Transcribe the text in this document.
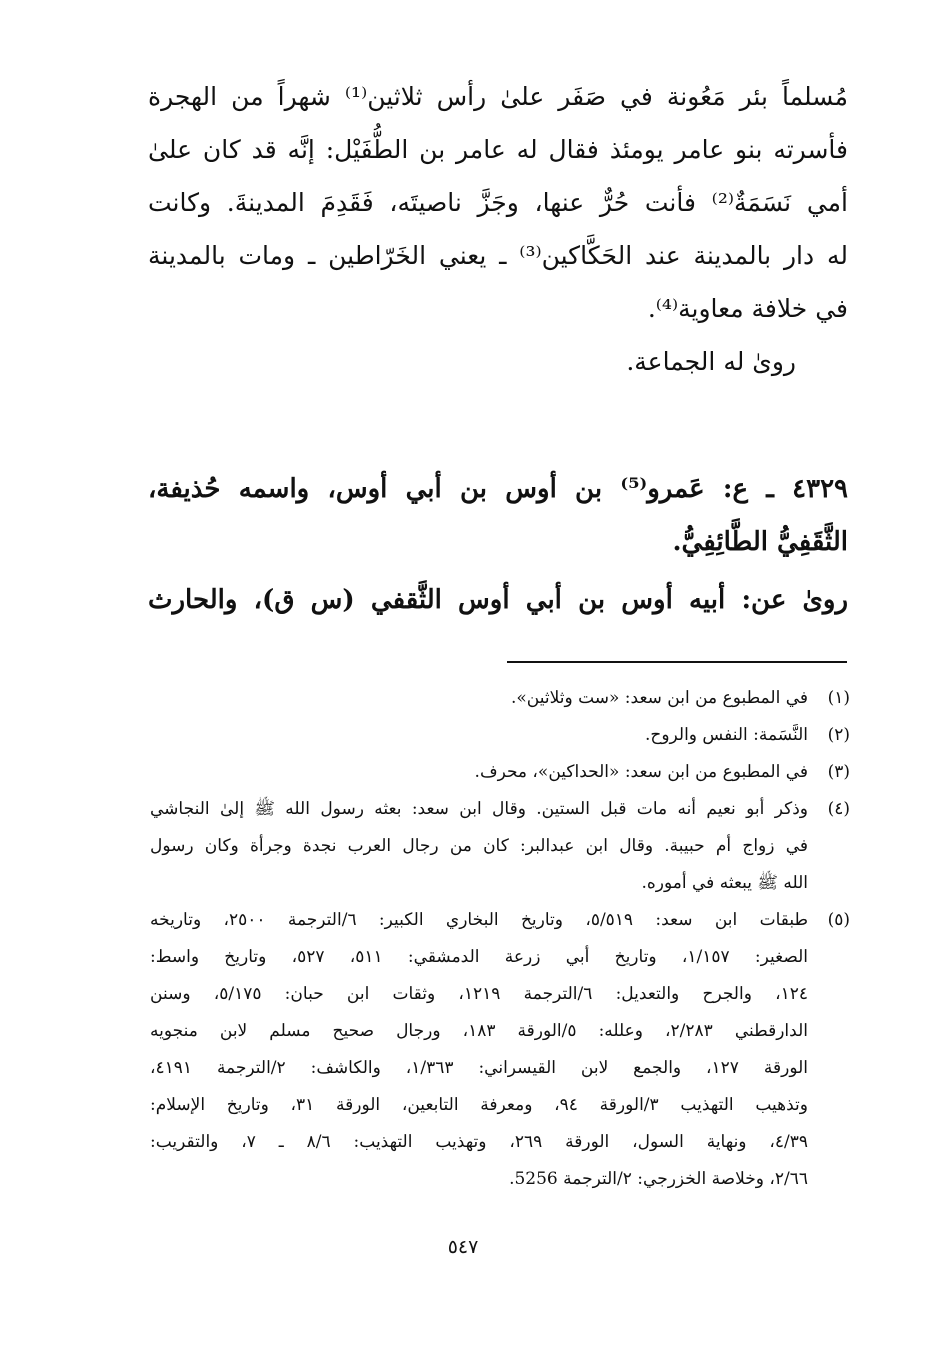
مُسلماً بئر مَعُونة في صَفَر علىٰ رأس ثلاثين⁽¹⁾ شهراً من الهجرة
فأسرته بنو عامر يومئذ فقال له عامر بن الطُّفَيْل: إنَّه قد كان علىٰ
أمي نَسَمَةٌ⁽²⁾ فأنت حُرٌّ عنها، وجَزَّ ناصيتَه، فَقَدِمَ المدينةَ. وكانت
له دار بالمدينة عند الحَكَّاكين⁽³⁾ ـ يعني الخَرّاطين ـ ومات بالمدينة
في خلافة معاوية⁽⁴⁾.
روىٰ له الجماعة.
٤٣٢٩ ـ ع: عَمرو⁽⁵⁾ بن أوس بن أبي أوس، واسمه حُذيفة،
الثَّقَفِيُّ الطَّائِفِيُّ.
روىٰ عن: أبيه أوس بن أبي أوس الثَّقفي (س ق)، والحارث
(١)
في المطبوع من ابن سعد: «ست وثلاثين».
(٢)
النَّسَمة: النفس والروح.
(٣)
في المطبوع من ابن سعد: «الحداكين»، محرف.
(٤)
وذكر أبو نعيم أنه مات قبل الستين. وقال ابن سعد: بعثه رسول الله ﷺ إلىٰ النجاشي
في زواج أم حبيبة. وقال ابن عبدالبر: كان من رجال العرب نجدة وجرأة وكان رسول
الله ﷺ يبعثه في أموره.
(٥)
طبقات ابن سعد: ٥/٥١٩، وتاريخ البخاري الكبير: ٦/الترجمة ٢٥٠٠، وتاريخه
الصغير: ١/١٥٧، وتاريخ أبي زرعة الدمشقي: ٥١١، ٥٢٧، وتاريخ واسط:
١٢٤، والجرح والتعديل: ٦/الترجمة ١٢١٩، وثقات ابن حبان: ٥/١٧٥، وسنن
الدارقطني ٢/٢٨٣، وعلله: ٥/الورقة ١٨٣، ورجال صحيح مسلم لابن منجويه
الورقة ١٢٧، والجمع لابن القيسراني: ١/٣٦٣، والكاشف: ٢/الترجمة ٤١٩١،
وتذهيب التهذيب ٣/الورقة ٩٤، ومعرفة التابعين، الورقة ٣١، وتاريخ الإسلام:
٤/٣٩، ونهاية السول، الورقة ٢٦٩، وتهذيب التهذيب: ٨/٦ ـ ٧، والتقريب:
٢/٦٦، وخلاصة الخزرجي: ٢/الترجمة 5256.
٥٤٧
